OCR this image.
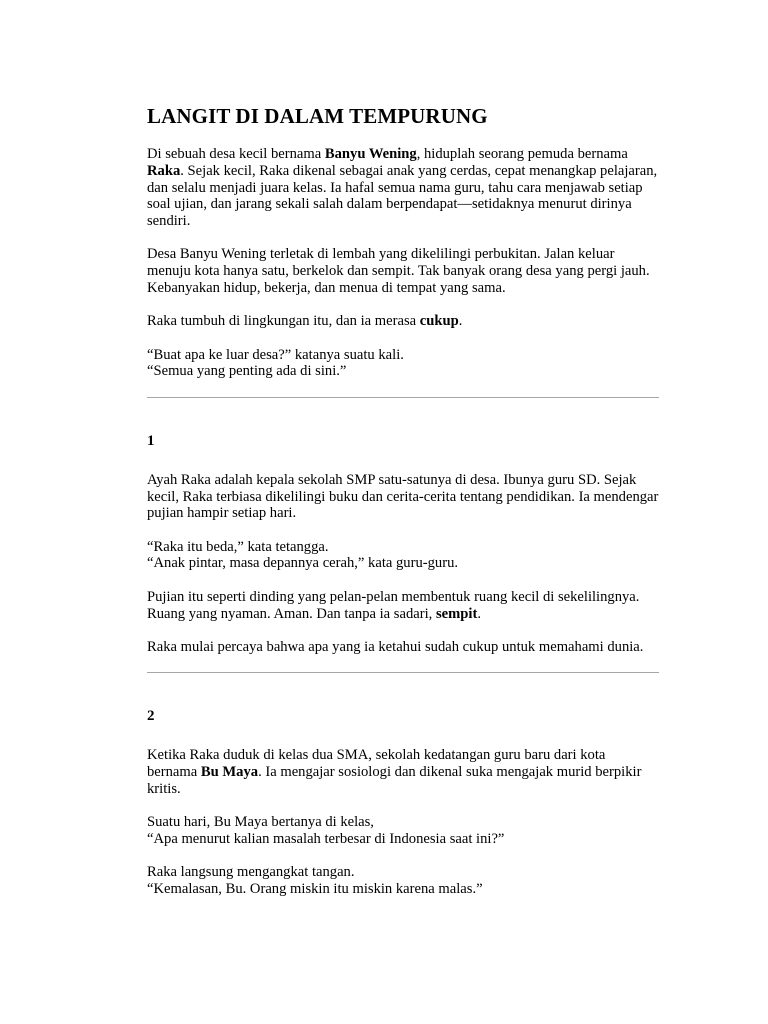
LANGIT DI DALAM TEMPURUNG

Di sebuah desa kecil bernama Banyu Wening, hiduplah seorang pemuda bernama Raka. Sejak kecil, Raka dikenal sebagai anak yang cerdas, cepat menangkap pelajaran, dan selalu menjadi juara kelas. Ia hafal semua nama guru, tahu cara menjawab setiap soal ujian, dan jarang sekali salah dalam berpendapat—setidaknya menurut dirinya sendiri.

Desa Banyu Wening terletak di lembah yang dikelilingi perbukitan. Jalan keluar menuju kota hanya satu, berkelok dan sempit. Tak banyak orang desa yang pergi jauh. Kebanyakan hidup, bekerja, dan menua di tempat yang sama.

Raka tumbuh di lingkungan itu, dan ia merasa cukup.

“Buat apa ke luar desa?” katanya suatu kali.
“Semua yang penting ada di sini.”

1

Ayah Raka adalah kepala sekolah SMP satu-satunya di desa. Ibunya guru SD. Sejak kecil, Raka terbiasa dikelilingi buku dan cerita-cerita tentang pendidikan. Ia mendengar pujian hampir setiap hari.

“Raka itu beda,” kata tetangga.
“Anak pintar, masa depannya cerah,” kata guru-guru.

Pujian itu seperti dinding yang pelan-pelan membentuk ruang kecil di sekelilingnya. Ruang yang nyaman. Aman. Dan tanpa ia sadari, sempit.

Raka mulai percaya bahwa apa yang ia ketahui sudah cukup untuk memahami dunia.

2

Ketika Raka duduk di kelas dua SMA, sekolah kedatangan guru baru dari kota bernama Bu Maya. Ia mengajar sosiologi dan dikenal suka mengajak murid berpikir kritis.

Suatu hari, Bu Maya bertanya di kelas,
“Apa menurut kalian masalah terbesar di Indonesia saat ini?”

Raka langsung mengangkat tangan.
“Kemalasan, Bu. Orang miskin itu miskin karena malas.”
